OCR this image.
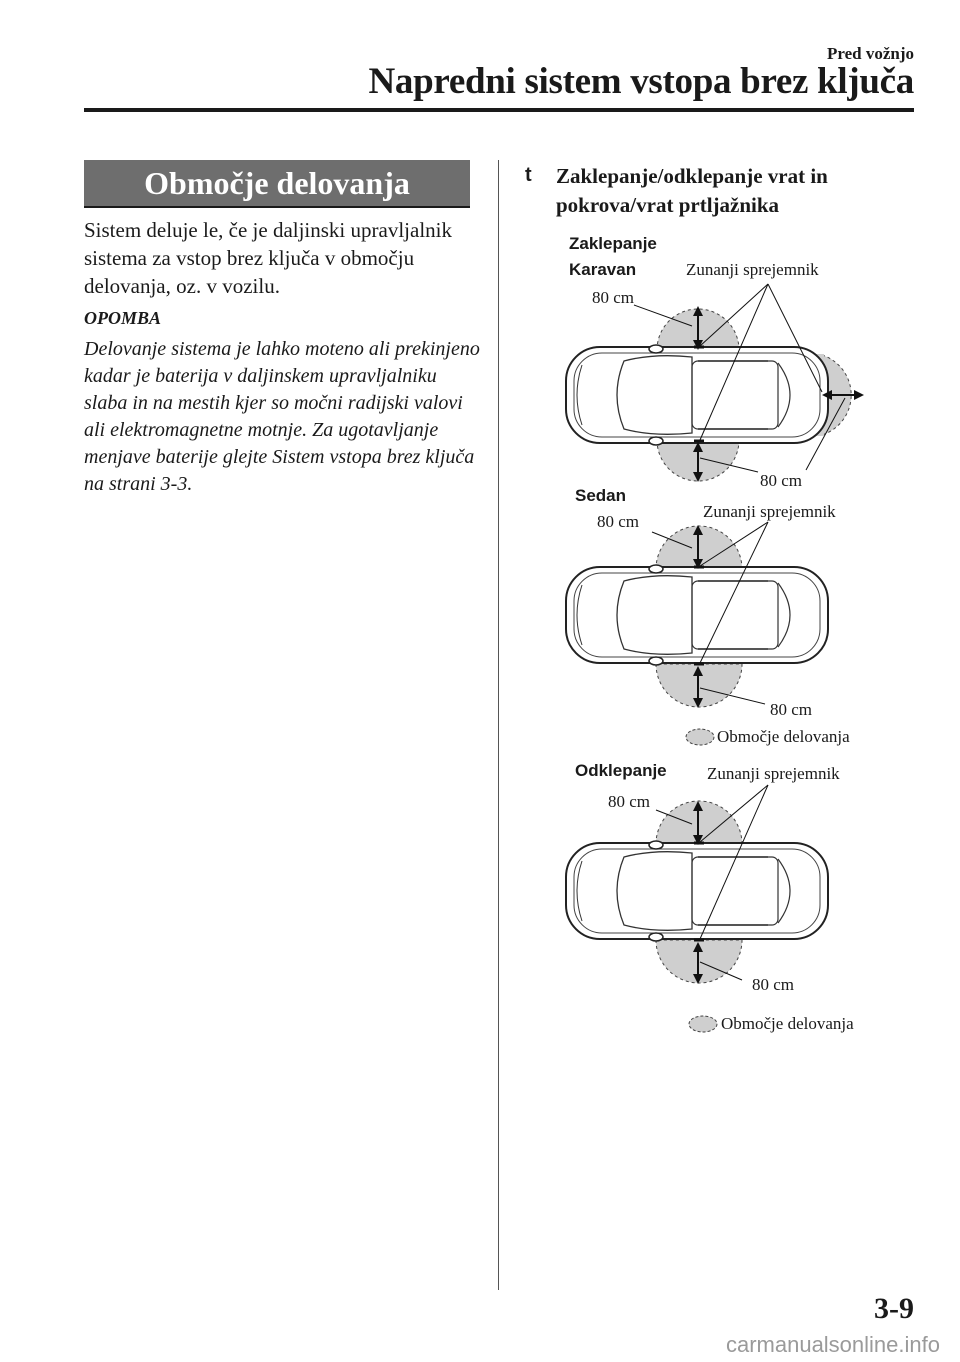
Pred vožnjo
Napredni sistem vstopa brez ključa
Območje delovanja
Sistem deluje le, če je daljinski upravljalnik sistema za vstop brez ključa v območju delovanja, oz. v vozilu.
OPOMBA
Delovanje sistema je lahko moteno ali prekinjeno kadar je baterija v daljinskem upravljalniku slaba in na mestih kjer so močni radijski valovi ali elektromagnetne motnje. Za ugotavljanje menjave baterije glejte Sistem vstopa brez ključa na strani 3-3.
t Zaklepanje/odklepanje vrat in pokrova/vrat prtljažnika
Zaklepanje
Karavan	Zunanji sprejemnik
80 cm
80 cm
Sedan
Zunanji sprejemnik
80 cm
80 cm
Območje delovanja
Odklepanje Zunanji sprejemnik
80 cm
80 cm
Območje delovanja
3-9
carmanualsonline.info
